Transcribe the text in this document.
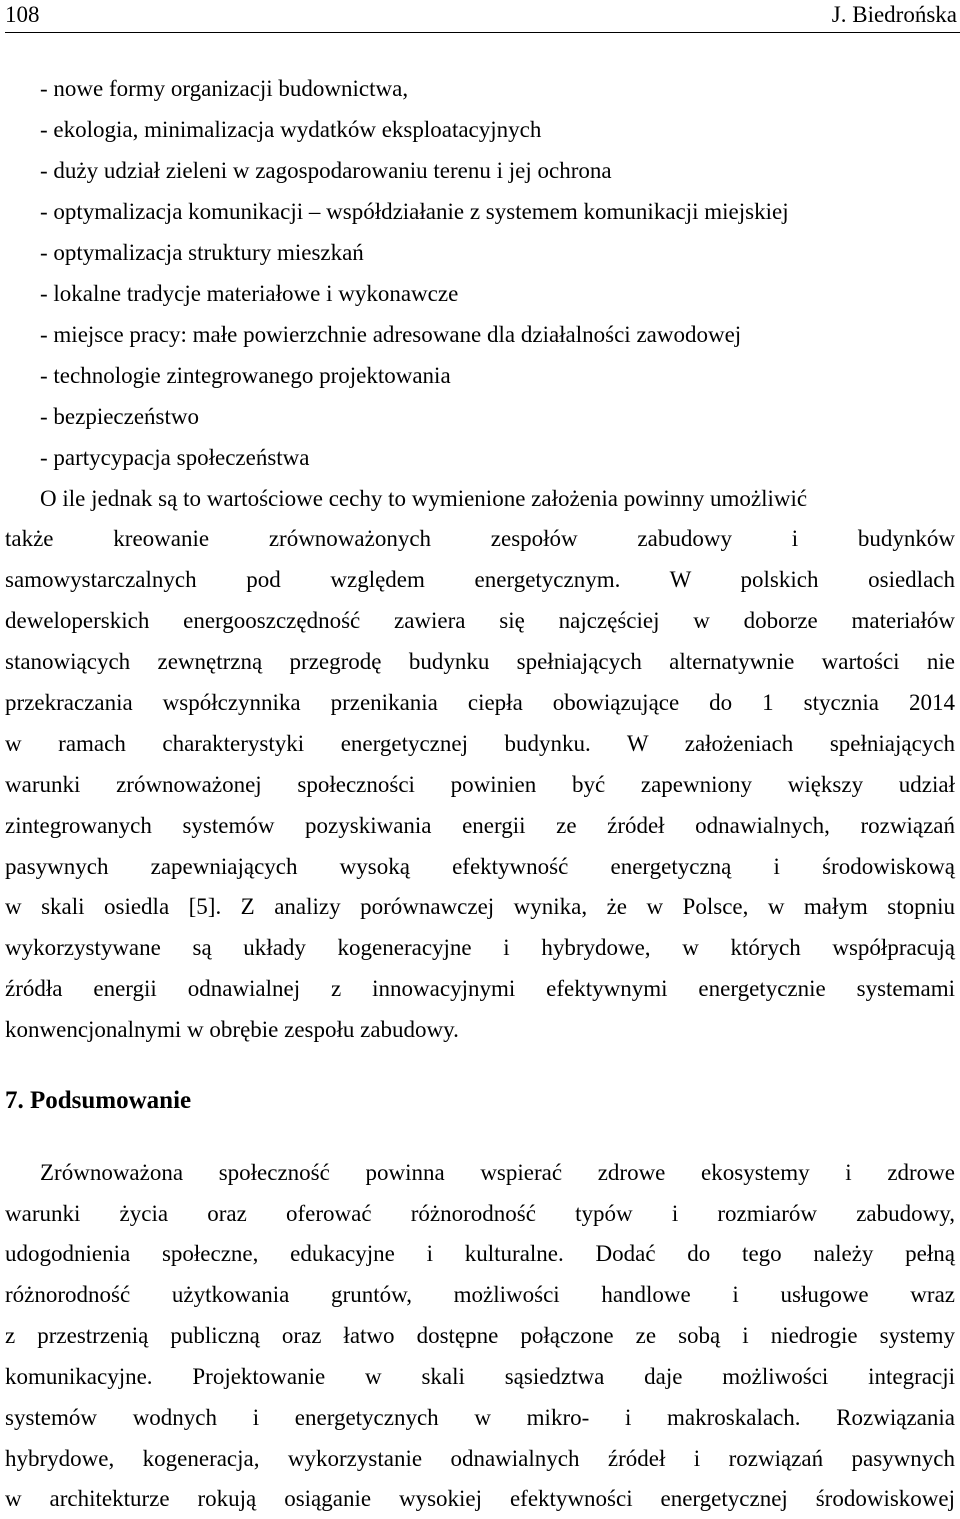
108	J. Biedrońska
- nowe formy organizacji budownictwa,
- ekologia, minimalizacja wydatków eksploatacyjnych
- duży udział zieleni w zagospodarowaniu terenu i jej ochrona
- optymalizacja komunikacji – współdziałanie z systemem komunikacji miejskiej
- optymalizacja struktury mieszkań
- lokalne tradycje materiałowe i wykonawcze
- miejsce pracy: małe powierzchnie adresowane dla działalności zawodowej
- technologie zintegrowanego projektowania
- bezpieczeństwo
- partycypacja społeczeństwa
O ile jednak są to wartościowe cechy to wymienione założenia powinny umożliwić
także kreowanie zrównoważonych zespołów zabudowy i budynków
samowystarczalnych pod względem energetycznym. W polskich osiedlach
deweloperskich energooszczędność zawiera się najczęściej w doborze materiałów
stanowiących zewnętrzną przegrodę budynku spełniających alternatywnie wartości nie
przekraczania współczynnika przenikania ciepła obowiązujące do 1 stycznia 2014
w ramach charakterystyki energetycznej budynku. W założeniach spełniających
warunki zrównoważonej społeczności powinien być zapewniony większy udział
zintegrowanych systemów pozyskiwania energii ze źródeł odnawialnych, rozwiązań
pasywnych zapewniających wysoką efektywność energetyczną i środowiskową
w skali osiedla [5]. Z analizy porównawczej wynika, że w Polsce, w małym stopniu
wykorzystywane są układy kogeneracyjne i hybrydowe, w których współpracują
źródła energii odnawialnej z innowacyjnymi efektywnymi energetycznie systemami
konwencjonalnymi w obrębie zespołu zabudowy.
7. Podsumowanie
Zrównoważona społeczność powinna wspierać zdrowe ekosystemy i zdrowe
warunki życia oraz oferować różnorodność typów i rozmiarów zabudowy,
udogodnienia społeczne, edukacyjne i kulturalne. Dodać do tego należy pełną
różnorodność użytkowania gruntów, możliwości handlowe i usługowe wraz
z przestrzenią publiczną oraz łatwo dostępne połączone ze sobą i niedrogie systemy
komunikacyjne. Projektowanie w skali sąsiedztwa daje możliwości integracji
systemów wodnych i energetycznych w mikro- i makroskalach. Rozwiązania
hybrydowe, kogeneracja, wykorzystanie odnawialnych źródeł i rozwiązań pasywnych
w architekturze rokują osiąganie wysokiej efektywności energetycznej środowiskowej
